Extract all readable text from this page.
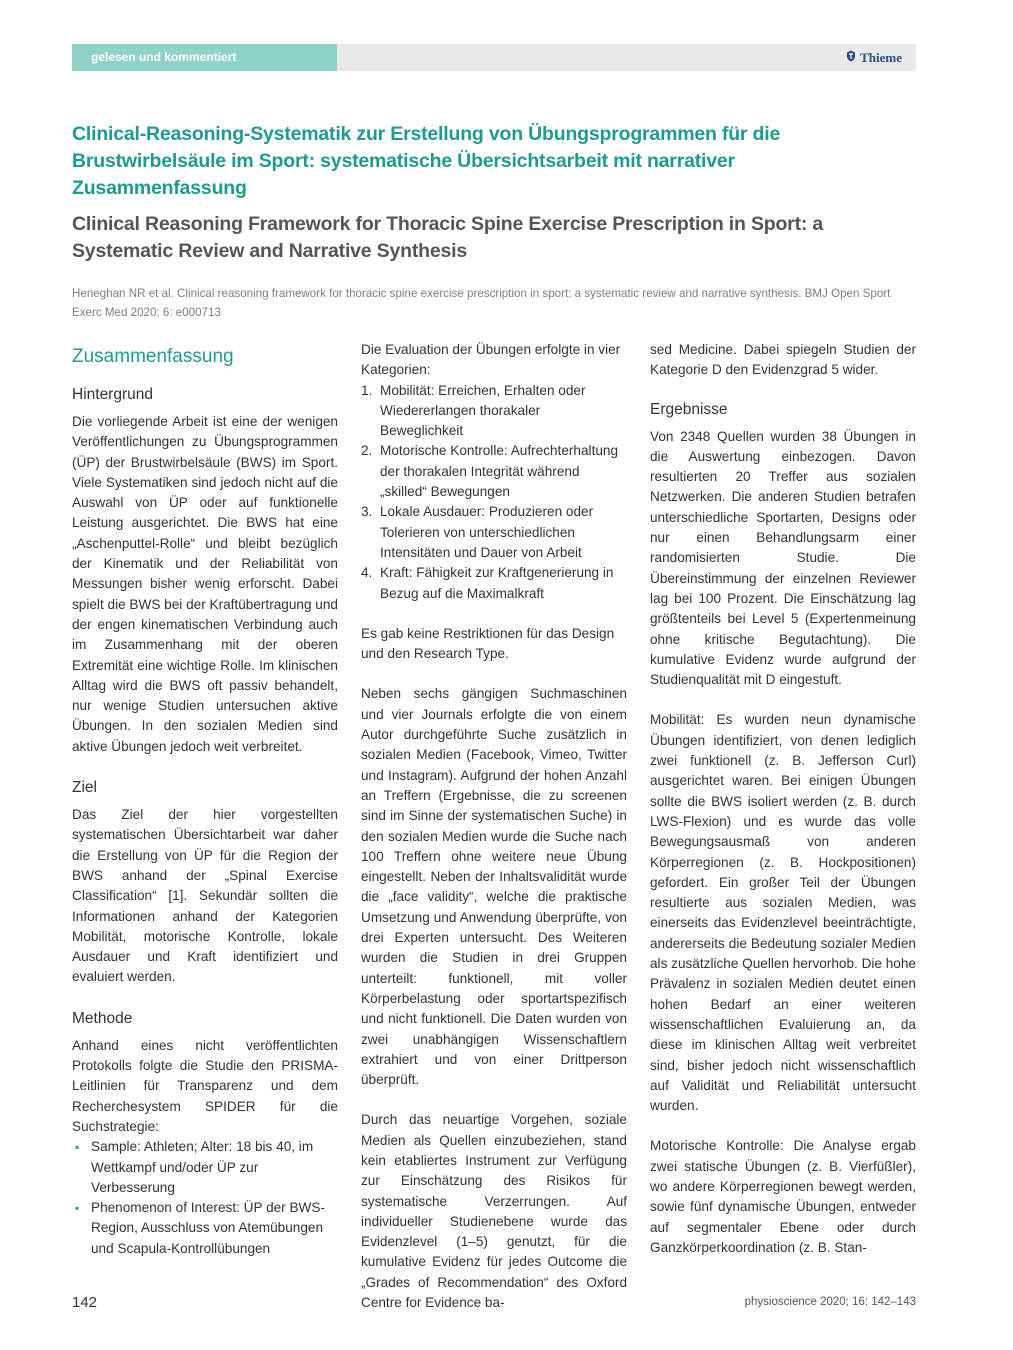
gelesen und kommentiert	Thieme
Clinical-Reasoning-Systematik zur Erstellung von Übungsprogrammen für die Brustwirbelsäule im Sport: systematische Übersichtsarbeit mit narrativer Zusammenfassung
Clinical Reasoning Framework for Thoracic Spine Exercise Prescription in Sport: a Systematic Review and Narrative Synthesis

Heneghan NR et al. Clinical reasoning framework for thoracic spine exercise prescription in sport: a systematic review and narrative synthesis. BMJ Open Sport Exerc Med 2020; 6: e000713

Zusammenfassung
Hintergrund

Die vorliegende Arbeit ist eine der wenigen Veröffentlichungen zu Übungsprogrammen (ÜP) der Brustwirbelsäule (BWS) im Sport. Viele Systematiken sind jedoch nicht auf die Auswahl von ÜP oder auf funktionelle Leistung ausgerichtet. Die BWS hat eine „Aschenputtel-Rolle“ und bleibt bezüglich der Kinematik und der Reliabilität von Messungen bisher wenig erforscht. Dabei spielt die BWS bei der Kraftübertragung und der engen kinematischen Verbindung auch im Zusammenhang mit der oberen Extremität eine wichtige Rolle. Im klinischen Alltag wird die BWS oft passiv behandelt, nur wenige Studien untersuchen aktive Übungen. In den sozialen Medien sind aktive Übungen jedoch weit verbreitet.

Ziel

Das Ziel der hier vorgestellten systematischen Übersichtarbeit war daher die Erstellung von ÜP für die Region der BWS anhand der „Spinal Exercise Classification“ [1]. Sekundär sollten die Informationen anhand der Kategorien Mobilität, motorische Kontrolle, lokale Ausdauer und Kraft identifiziert und evaluiert werden.

Methode

Anhand eines nicht veröffentlichten Protokolls folgte die Studie den PRISMA-Leitlinien für Transparenz und dem Recherchesystem SPIDER für die Suchstrategie:

▪ Sample: Athleten; Alter: 18 bis 40, im Wettkampf und/oder ÜP zur Verbesserung
▪ Phenomenon of Interest: ÜP der BWS-Region, Ausschluss von Atemübungen und Scapula-Kontrollübungen

Die Evaluation der Übungen erfolgte in vier Kategorien:

1. Mobilität: Erreichen, Erhalten oder Wiedererlangen thorakaler Beweglichkeit
2. Motorische Kontrolle: Aufrechterhaltung der thorakalen Integrität während „skilled“ Bewegungen
3. Lokale Ausdauer: Produzieren oder Tolerieren von unterschiedlichen Intensitäten und Dauer von Arbeit
4. Kraft: Fähigkeit zur Kraftgenerierung in Bezug auf die Maximalkraft

Es gab keine Restriktionen für das Design und den Research Type.

Neben sechs gängigen Suchmaschinen und vier Journals erfolgte die von einem Autor durchgeführte Suche zusätzlich in sozialen Medien (Facebook, Vimeo, Twitter und Instagram). Aufgrund der hohen Anzahl an Treffern (Ergebnisse, die zu screenen sind im Sinne der systematischen Suche) in den sozialen Medien wurde die Suche nach 100 Treffern ohne weitere neue Übung eingestellt. Neben der Inhaltsvalidität wurde die „face validity“, welche die praktische Umsetzung und Anwendung überprüfte, von drei Experten untersucht. Des Weiteren wurden die Studien in drei Gruppen unterteilt: funktionell, mit voller Körperbelastung oder sportartspezifisch und nicht funktionell. Die Daten wurden von zwei unabhängigen Wissenschaftlern extrahiert und von einer Drittperson überprüft.

Durch das neuartige Vorgehen, soziale Medien als Quellen einzubeziehen, stand kein etabliertes Instrument zur Verfügung zur Einschätzung des Risikos für systematische Verzerrungen. Auf individueller Studienebene wurde das Evidenzlevel (1–5) genutzt, für die kumulative Evidenz für jedes Outcome die „Grades of Recommendation“ des Oxford Centre for Evidence ba-

sed Medicine. Dabei spiegeln Studien der Kategorie D den Evidenzgrad 5 wider.

Ergebnisse

Von 2348 Quellen wurden 38 Übungen in die Auswertung einbezogen. Davon resultierten 20 Treffer aus sozialen Netzwerken. Die anderen Studien betrafen unterschiedliche Sportarten, Designs oder nur einen Behandlungsarm einer randomisierten Studie. Die Übereinstimmung der einzelnen Reviewer lag bei 100 Prozent. Die Einschätzung lag größtenteils bei Level 5 (Expertenmeinung ohne kritische Begutachtung). Die kumulative Evidenz wurde aufgrund der Studienqualität mit D eingestuft.

Mobilität: Es wurden neun dynamische Übungen identifiziert, von denen lediglich zwei funktionell (z. B. Jefferson Curl) ausgerichtet waren. Bei einigen Übungen sollte die BWS isoliert werden (z. B. durch LWS-Flexion) und es wurde das volle Bewegungsausmaß von anderen Körperregionen (z. B. Hockpositionen) gefordert. Ein großer Teil der Übungen resultierte aus sozialen Medien, was einerseits das Evidenzlevel beeinträchtigte, andererseits die Bedeutung sozialer Medien als zusätzliche Quellen hervorhob. Die hohe Prävalenz in sozialen Medien deutet einen hohen Bedarf an einer weiteren wissenschaftlichen Evaluierung an, da diese im klinischen Alltag weit verbreitet sind, bisher jedoch nicht wissenschaftlich auf Validität und Reliabilität untersucht wurden.

Motorische Kontrolle: Die Analyse ergab zwei statische Übungen (z. B. Vierfüßler), wo andere Körperregionen bewegt werden, sowie fünf dynamische Übungen, entweder auf segmentaler Ebene oder durch Ganzkörperkoordination (z. B. Stan-

142	physioscience 2020; 16: 142–143
